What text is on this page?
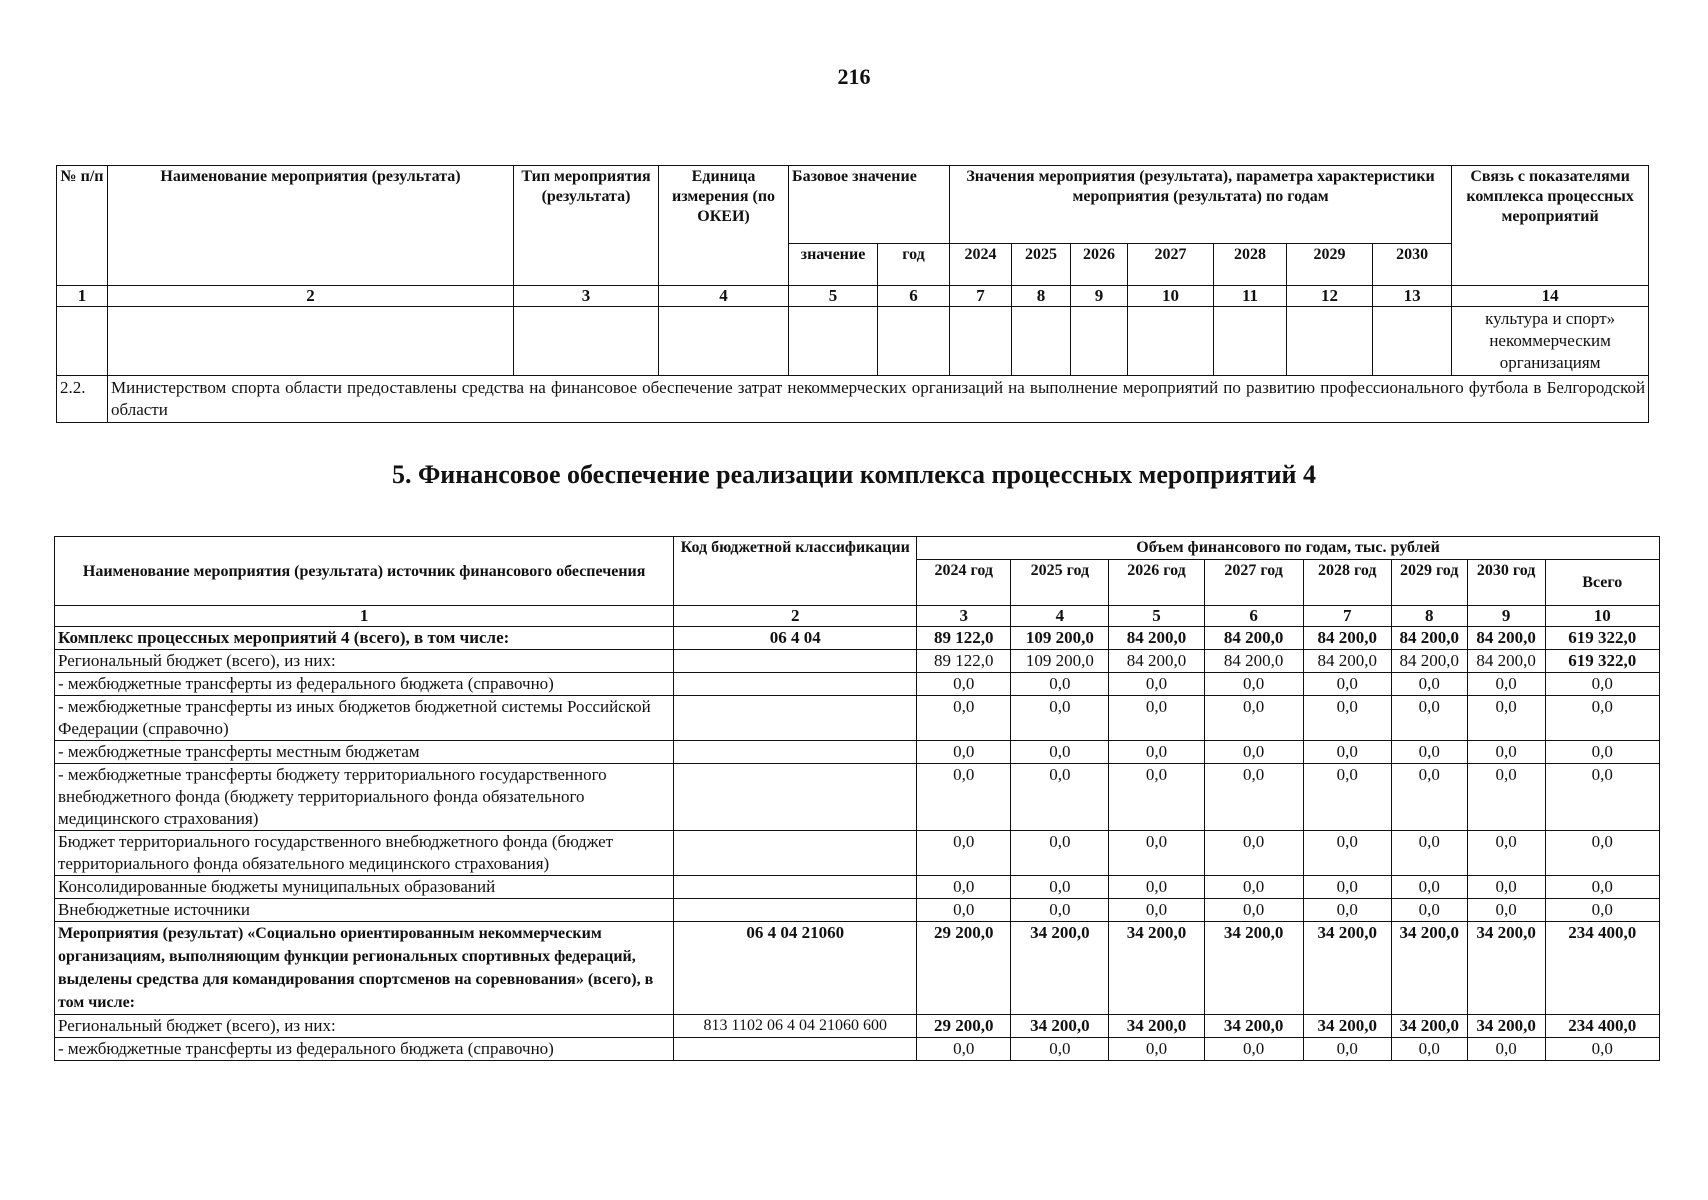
216
№ п/п	Наименование мероприятия (результата)	Тип мероприятия (результата)	Единица измерения (по ОКЕИ)	Базовое значение		Значения мероприятия (результата), параметра характеристики мероприятия (результата) по годам							Связь с показателями комплекса процессных мероприятий
				значение	год	2024	2025	2026	2027	2028	2029	2030	
1	2	3	4	5	6	7	8	9	10	11	12	13	14
													культура и спорт» некоммерческим организациям
2.2.	Министерством спорта области предоставлены средства на финансовое обеспечение затрат некоммерческих организаций на выполнение мероприятий по развитию профессионального футбола в Белгородской области												
5. Финансовое обеспечение реализации комплекса процессных мероприятий 4
Наименование мероприятия (результата) источник финансового обеспечения	Код бюджетной классификации	Объем финансового по годам, тыс. рублей							
		2024 год	2025 год	2026 год	2027 год	2028 год	2029 год	2030 год	Всего
1	2	3	4	5	6	7	8	9	10
Комплекс процессных мероприятий 4 (всего), в том числе:	06 4 04	89 122,0	109 200,0	84 200,0	84 200,0	84 200,0	84 200,0	84 200,0	619 322,0
Региональный бюджет (всего), из них:		89 122,0	109 200,0	84 200,0	84 200,0	84 200,0	84 200,0	84 200,0	619 322,0
- межбюджетные трансферты из федерального бюджета (справочно)		0,0	0,0	0,0	0,0	0,0	0,0	0,0	0,0
- межбюджетные трансферты из иных бюджетов бюджетной системы Российской Федерации (справочно)		0,0	0,0	0,0	0,0	0,0	0,0	0,0	0,0
- межбюджетные трансферты местным бюджетам		0,0	0,0	0,0	0,0	0,0	0,0	0,0	0,0
- межбюджетные трансферты бюджету территориального государственного внебюджетного фонда (бюджету территориального фонда обязательного медицинского страхования)		0,0	0,0	0,0	0,0	0,0	0,0	0,0	0,0
Бюджет территориального государственного внебюджетного фонда (бюджет территориального фонда обязательного медицинского страхования)		0,0	0,0	0,0	0,0	0,0	0,0	0,0	0,0
Консолидированные бюджеты муниципальных образований		0,0	0,0	0,0	0,0	0,0	0,0	0,0	0,0
Внебюджетные источники		0,0	0,0	0,0	0,0	0,0	0,0	0,0	0,0
Мероприятия (результат) «Социально ориентированным некоммерческим организациям, выполняющим функции региональных спортивных федераций, выделены средства для командирования спортсменов на соревнования» (всего), в том числе:	06 4 04 21060	29 200,0	34 200,0	34 200,0	34 200,0	34 200,0	34 200,0	34 200,0	234 400,0
Региональный бюджет (всего), из них:	813 1102 06 4 04 21060 600	29 200,0	34 200,0	34 200,0	34 200,0	34 200,0	34 200,0	34 200,0	234 400,0
- межбюджетные трансферты из федерального бюджета (справочно)		0,0	0,0	0,0	0,0	0,0	0,0	0,0	0,0
